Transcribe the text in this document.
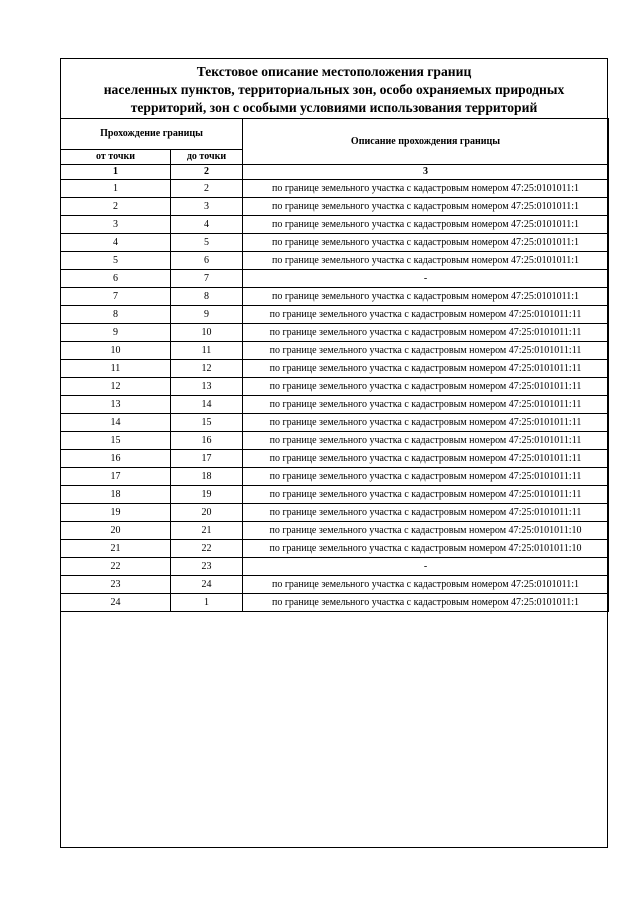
Текстовое описание местоположения границ
населенных пунктов, территориальных зон, особо охраняемых природных
территорий, зон с особыми условиями использования территорий
Прохождение границы		Описание прохождения границы
от точки	до точки	
1	2	3
1	2	по границе земельного участка с кадастровым номером 47:25:0101011:1
2	3	по границе земельного участка с кадастровым номером 47:25:0101011:1
3	4	по границе земельного участка с кадастровым номером 47:25:0101011:1
4	5	по границе земельного участка с кадастровым номером 47:25:0101011:1
5	6	по границе земельного участка с кадастровым номером 47:25:0101011:1
6	7	-
7	8	по границе земельного участка с кадастровым номером 47:25:0101011:1
8	9	по границе земельного участка с кадастровым номером 47:25:0101011:11
9	10	по границе земельного участка с кадастровым номером 47:25:0101011:11
10	11	по границе земельного участка с кадастровым номером 47:25:0101011:11
11	12	по границе земельного участка с кадастровым номером 47:25:0101011:11
12	13	по границе земельного участка с кадастровым номером 47:25:0101011:11
13	14	по границе земельного участка с кадастровым номером 47:25:0101011:11
14	15	по границе земельного участка с кадастровым номером 47:25:0101011:11
15	16	по границе земельного участка с кадастровым номером 47:25:0101011:11
16	17	по границе земельного участка с кадастровым номером 47:25:0101011:11
17	18	по границе земельного участка с кадастровым номером 47:25:0101011:11
18	19	по границе земельного участка с кадастровым номером 47:25:0101011:11
19	20	по границе земельного участка с кадастровым номером 47:25:0101011:11
20	21	по границе земельного участка с кадастровым номером 47:25:0101011:10
21	22	по границе земельного участка с кадастровым номером 47:25:0101011:10
22	23	-
23	24	по границе земельного участка с кадастровым номером 47:25:0101011:1
24	1	по границе земельного участка с кадастровым номером 47:25:0101011:1
